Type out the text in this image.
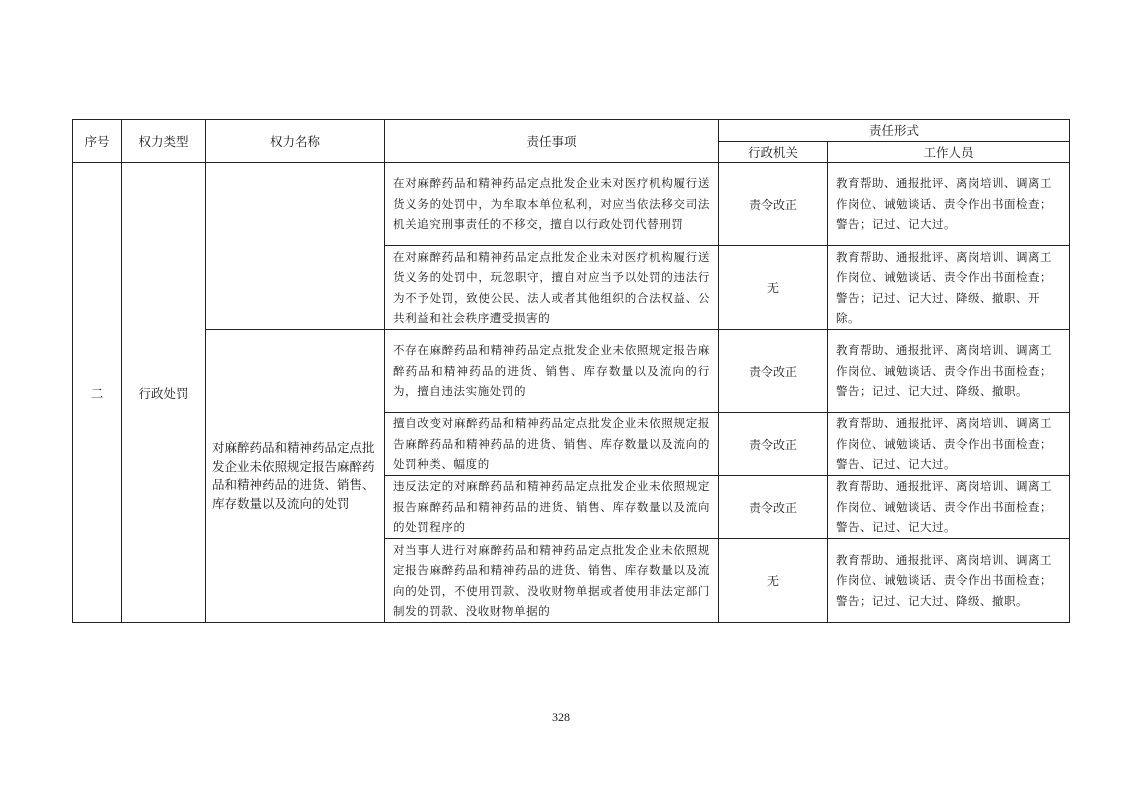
序号	权力类型	权力名称	责任事项	责任形式	
				行政机关	工作人员
二	行政处罚		在对麻醉药品和精神药品定点批发企业未对医疗机构履行送货义务的处罚中，为牟取本单位私利，对应当依法移交司法机关追究刑事责任的不移交，擅自以行政处罚代替刑罚	责令改正	教育帮助、通报批评、离岗培训、调离工作岗位、诫勉谈话、责令作出书面检查；警告；记过、记大过。
			在对麻醉药品和精神药品定点批发企业未对医疗机构履行送货义务的处罚中，玩忽职守，擅自对应当予以处罚的违法行为不予处罚，致使公民、法人或者其他组织的合法权益、公共利益和社会秩序遭受损害的	无	教育帮助、通报批评、离岗培训、调离工作岗位、诫勉谈话、责令作出书面检查；警告；记过、记大过、降级、撤职、开除。
		对麻醉药品和精神药品定点批发企业未依照规定报告麻醉药品和精神药品的进货、销售、库存数量以及流向的处罚	不存在麻醉药品和精神药品定点批发企业未依照规定报告麻醉药品和精神药品的进货、销售、库存数量以及流向的行为，擅自违法实施处罚的	责令改正	教育帮助、通报批评、离岗培训、调离工作岗位、诫勉谈话、责令作出书面检查；警告；记过、记大过、降级、撤职。
			擅自改变对麻醉药品和精神药品定点批发企业未依照规定报告麻醉药品和精神药品的进货、销售、库存数量以及流向的处罚种类、幅度的	责令改正	教育帮助、通报批评、离岗培训、调离工作岗位、诫勉谈话、责令作出书面检查；警告、记过、记大过。
			违反法定的对麻醉药品和精神药品定点批发企业未依照规定报告麻醉药品和精神药品的进货、销售、库存数量以及流向的处罚程序的	责令改正	教育帮助、通报批评、离岗培训、调离工作岗位、诫勉谈话、责令作出书面检查；警告、记过、记大过。
			对当事人进行对麻醉药品和精神药品定点批发企业未依照规定报告麻醉药品和精神药品的进货、销售、库存数量以及流向的处罚，不使用罚款、没收财物单据或者使用非法定部门制发的罚款、没收财物单据的	无	教育帮助、通报批评、离岗培训、调离工作岗位、诫勉谈话、责令作出书面检查；警告；记过、记大过、降级、撤职。
328
